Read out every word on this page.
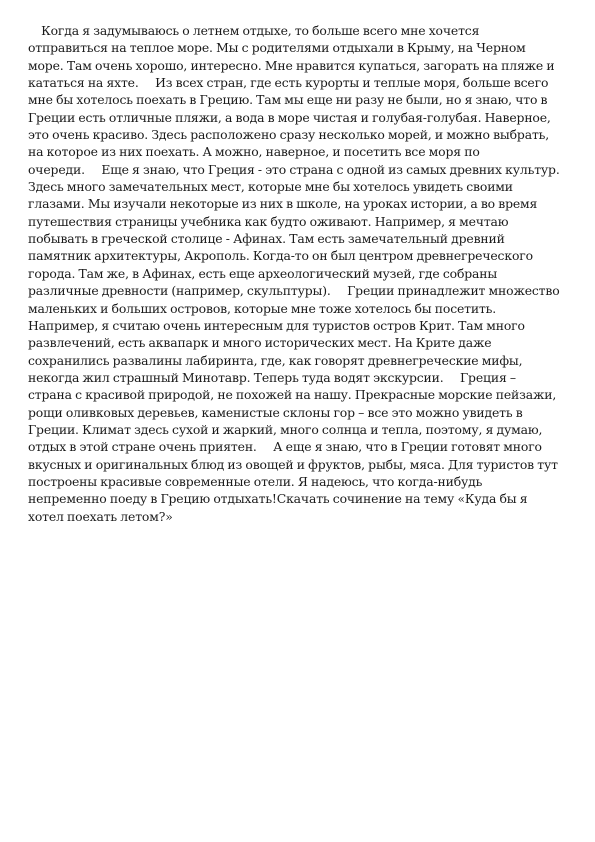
Когда я задумываюсь о летнем отдыхе, то больше всего мне хочется
отправиться на теплое море. Мы с родителями отдыхали в Крыму, на Черном
море. Там очень хорошо, интересно. Мне нравится купаться, загорать на пляже и
кататься на яхте.     Из всех стран, где есть курорты и теплые моря, больше всего
мне бы хотелось поехать в Грецию. Там мы еще ни разу не были, но я знаю, что в
Греции есть отличные пляжи, а вода в море чистая и голубая-голубая. Наверное,
это очень красиво. Здесь расположено сразу несколько морей, и можно выбрать,
на которое из них поехать. А можно, наверное, и посетить все моря по
очереди.     Еще я знаю, что Греция - это страна с одной из самых древних культур.
Здесь много замечательных мест, которые мне бы хотелось увидеть своими
глазами. Мы изучали некоторые из них в школе, на уроках истории, а во время
путешествия страницы учебника как будто оживают. Например, я мечтаю
побывать в греческой столице - Афинах. Там есть замечательный древний
памятник архитектуры, Акрополь. Когда-то он был центром древнегреческого
города. Там же, в Афинах, есть еще археологический музей, где собраны
различные древности (например, скульптуры).     Греции принадлежит множество
маленьких и больших островов, которые мне тоже хотелось бы посетить.
Например, я считаю очень интересным для туристов остров Крит. Там много
развлечений, есть аквапарк и много исторических мест. На Крите даже
сохранились развалины лабиринта, где, как говорят древнегреческие мифы,
некогда жил страшный Минотавр. Теперь туда водят экскурсии.     Греция –
страна с красивой природой, не похожей на нашу. Прекрасные морские пейзажи,
рощи оливковых деревьев, каменистые склоны гор – все это можно увидеть в
Греции. Климат здесь сухой и жаркий, много солнца и тепла, поэтому, я думаю,
отдых в этой стране очень приятен.     А еще я знаю, что в Греции готовят много
вкусных и оригинальных блюд из овощей и фруктов, рыбы, мяса. Для туристов тут
построены красивые современные отели. Я надеюсь, что когда-нибудь
непременно поеду в Грецию отдыхать!Скачать сочинение на тему «Куда бы я
хотел поехать летом?»
